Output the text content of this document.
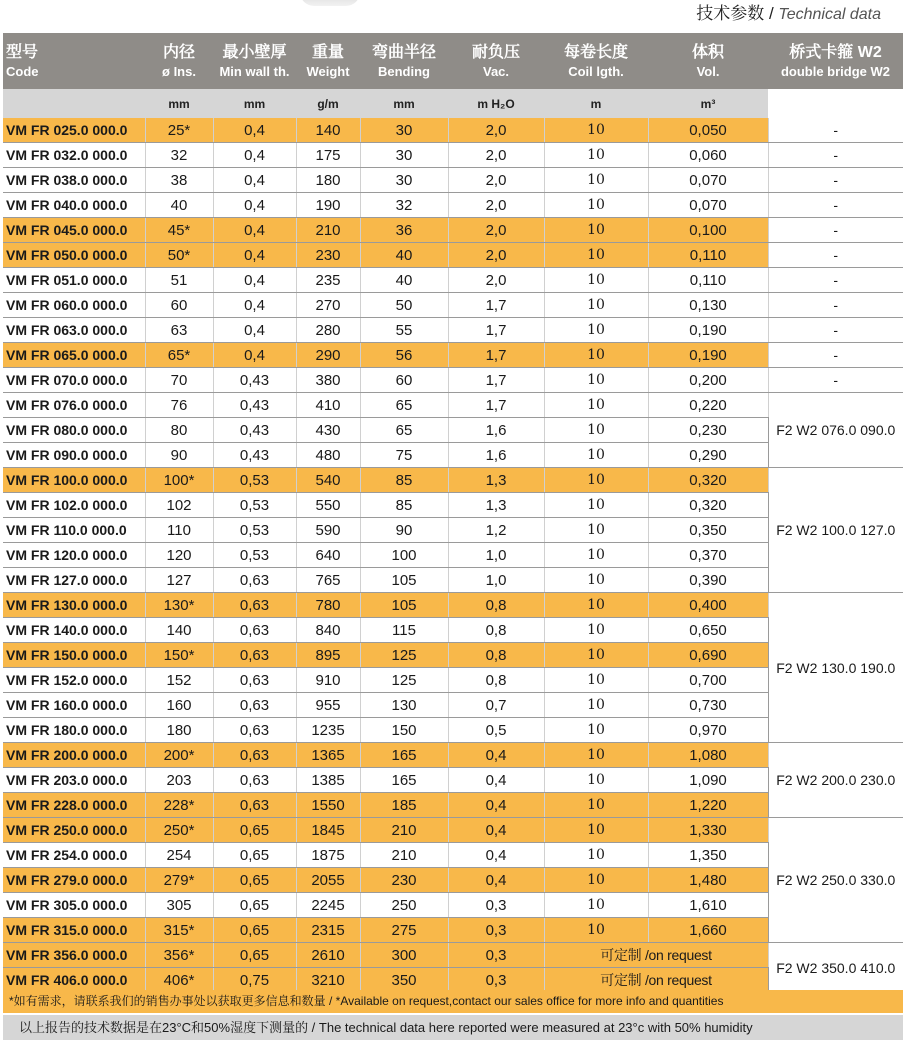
技术参数 / Technical data
型号	内径	最小壁厚	重量	弯曲半径	耐负压	每卷长度	体积	桥式卡箍 W2
Code	ø Ins.	Min wall th.	Weight	Bending	Vac.	Coil lgth.	Vol.	double bridge W2
	mm	mm	g/m	mm	m H₂O	m	m³	
VM FR 025.0 000.0	25*	0,4	140	30	2,0	10	0,050	-
VM FR 032.0 000.0	32	0,4	175	30	2,0	10	0,060	-
VM FR 038.0 000.0	38	0,4	180	30	2,0	10	0,070	-
VM FR 040.0 000.0	40	0,4	190	32	2,0	10	0,070	-
VM FR 045.0 000.0	45*	0,4	210	36	2,0	10	0,100	-
VM FR 050.0 000.0	50*	0,4	230	40	2,0	10	0,110	-
VM FR 051.0 000.0	51	0,4	235	40	2,0	10	0,110	-
VM FR 060.0 000.0	60	0,4	270	50	1,7	10	0,130	-
VM FR 063.0 000.0	63	0,4	280	55	1,7	10	0,190	-
VM FR 065.0 000.0	65*	0,4	290	56	1,7	10	0,190	-
VM FR 070.0 000.0	70	0,43	380	60	1,7	10	0,200	-
VM FR 076.0 000.0	76	0,43	410	65	1,7	10	0,220	F2 W2 076.0 090.0
VM FR 080.0 000.0	80	0,43	430	65	1,6	10	0,230	
VM FR 090.0 000.0	90	0,43	480	75	1,6	10	0,290	
VM FR 100.0 000.0	100*	0,53	540	85	1,3	10	0,320	F2 W2 100.0 127.0
VM FR 102.0 000.0	102	0,53	550	85	1,3	10	0,320	
VM FR 110.0 000.0	110	0,53	590	90	1,2	10	0,350	
VM FR 120.0 000.0	120	0,53	640	100	1,0	10	0,370	
VM FR 127.0 000.0	127	0,63	765	105	1,0	10	0,390	
VM FR 130.0 000.0	130*	0,63	780	105	0,8	10	0,400	F2 W2 130.0 190.0
VM FR 140.0 000.0	140	0,63	840	115	0,8	10	0,650	
VM FR 150.0 000.0	150*	0,63	895	125	0,8	10	0,690	
VM FR 152.0 000.0	152	0,63	910	125	0,8	10	0,700	
VM FR 160.0 000.0	160	0,63	955	130	0,7	10	0,730	
VM FR 180.0 000.0	180	0,63	1235	150	0,5	10	0,970	
VM FR 200.0 000.0	200*	0,63	1365	165	0,4	10	1,080	F2 W2 200.0 230.0
VM FR 203.0 000.0	203	0,63	1385	165	0,4	10	1,090	
VM FR 228.0 000.0	228*	0,63	1550	185	0,4	10	1,220	
VM FR 250.0 000.0	250*	0,65	1845	210	0,4	10	1,330	F2 W2 250.0 330.0
VM FR 254.0 000.0	254	0,65	1875	210	0,4	10	1,350	
VM FR 279.0 000.0	279*	0,65	2055	230	0,4	10	1,480	
VM FR 305.0 000.0	305	0,65	2245	250	0,3	10	1,610	
VM FR 315.0 000.0	315*	0,65	2315	275	0,3	10	1,660	
VM FR 356.0 000.0	356*	0,65	2610	300	0,3	可定制 /on request		F2 W2 350.0 410.0
VM FR 406.0 000.0	406*	0,75	3210	350	0,3	可定制 /on request		
*如有需求，请联系我们的销售办事处以获取更多信息和数量 / *Available on request,contact our sales office for more info and quantities
以上报告的技术数据是在23°C和50%湿度下测量的 / The technical data here reported were measured at 23°c with 50% humidity
